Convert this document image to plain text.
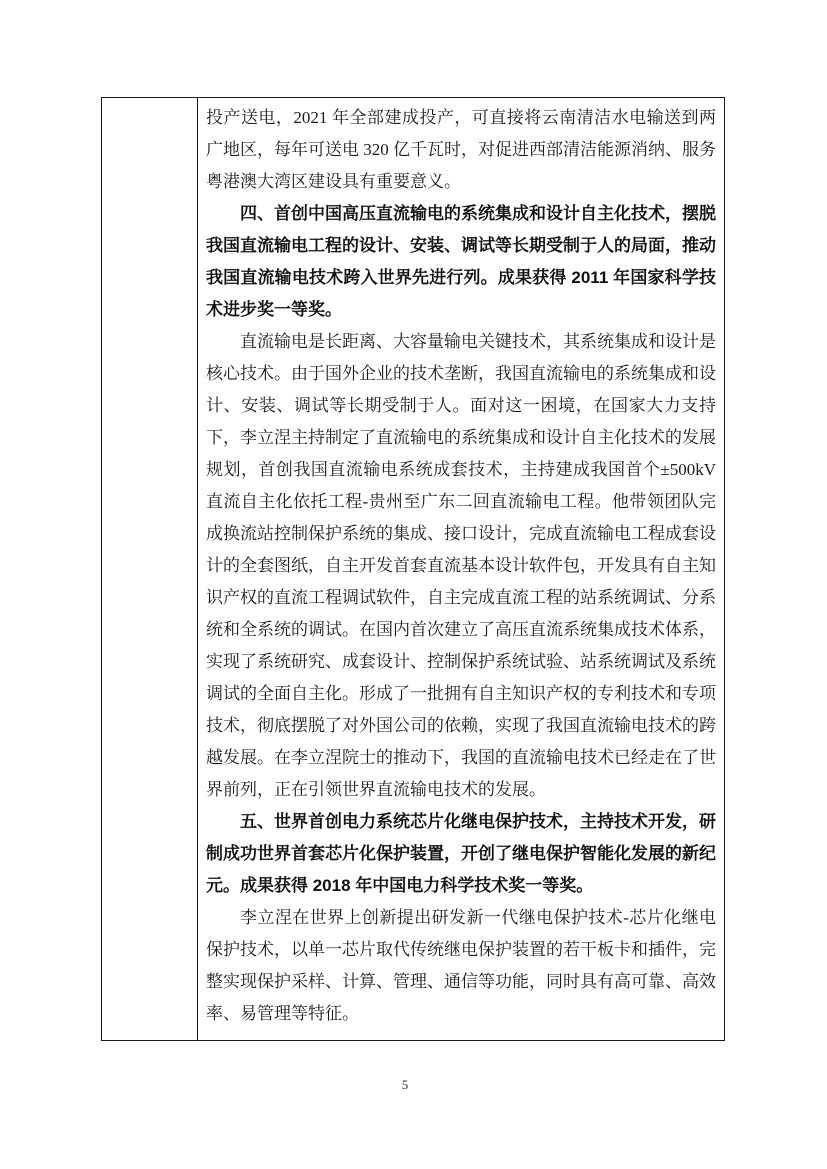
投产送电，2021 年全部建成投产，可直接将云南清洁水电输送到两广地区，每年可送电 320 亿千瓦时，对促进西部清洁能源消纳、服务粤港澳大湾区建设具有重要意义。

四、首创中国高压直流输电的系统集成和设计自主化技术，摆脱我国直流输电工程的设计、安装、调试等长期受制于人的局面，推动我国直流输电技术跨入世界先进行列。成果获得 2011 年国家科学技术进步奖一等奖。

直流输电是长距离、大容量输电关键技术，其系统集成和设计是核心技术。由于国外企业的技术垄断，我国直流输电的系统集成和设计、安装、调试等长期受制于人。面对这一困境，在国家大力支持下，李立涅主持制定了直流输电的系统集成和设计自主化技术的发展规划，首创我国直流输电系统成套技术，主持建成我国首个±500kV 直流自主化依托工程-贵州至广东二回直流输电工程。他带领团队完成换流站控制保护系统的集成、接口设计，完成直流输电工程成套设计的全套图纸，自主开发首套直流基本设计软件包，开发具有自主知识产权的直流工程调试软件，自主完成直流工程的站系统调试、分系统和全系统的调试。在国内首次建立了高压直流系统集成技术体系，实现了系统研究、成套设计、控制保护系统试验、站系统调试及系统调试的全面自主化。形成了一批拥有自主知识产权的专利技术和专项技术，彻底摆脱了对外国公司的依赖，实现了我国直流输电技术的跨越发展。在李立涅院士的推动下，我国的直流输电技术已经走在了世界前列，正在引领世界直流输电技术的发展。

五、世界首创电力系统芯片化继电保护技术，主持技术开发，研制成功世界首套芯片化保护装置，开创了继电保护智能化发展的新纪元。成果获得 2018 年中国电力科学技术奖一等奖。

李立涅在世界上创新提出研发新一代继电保护技术-芯片化继电保护技术，以单一芯片取代传统继电保护装置的若干板卡和插件，完整实现保护采样、计算、管理、通信等功能，同时具有高可靠、高效率、易管理等特征。

5
